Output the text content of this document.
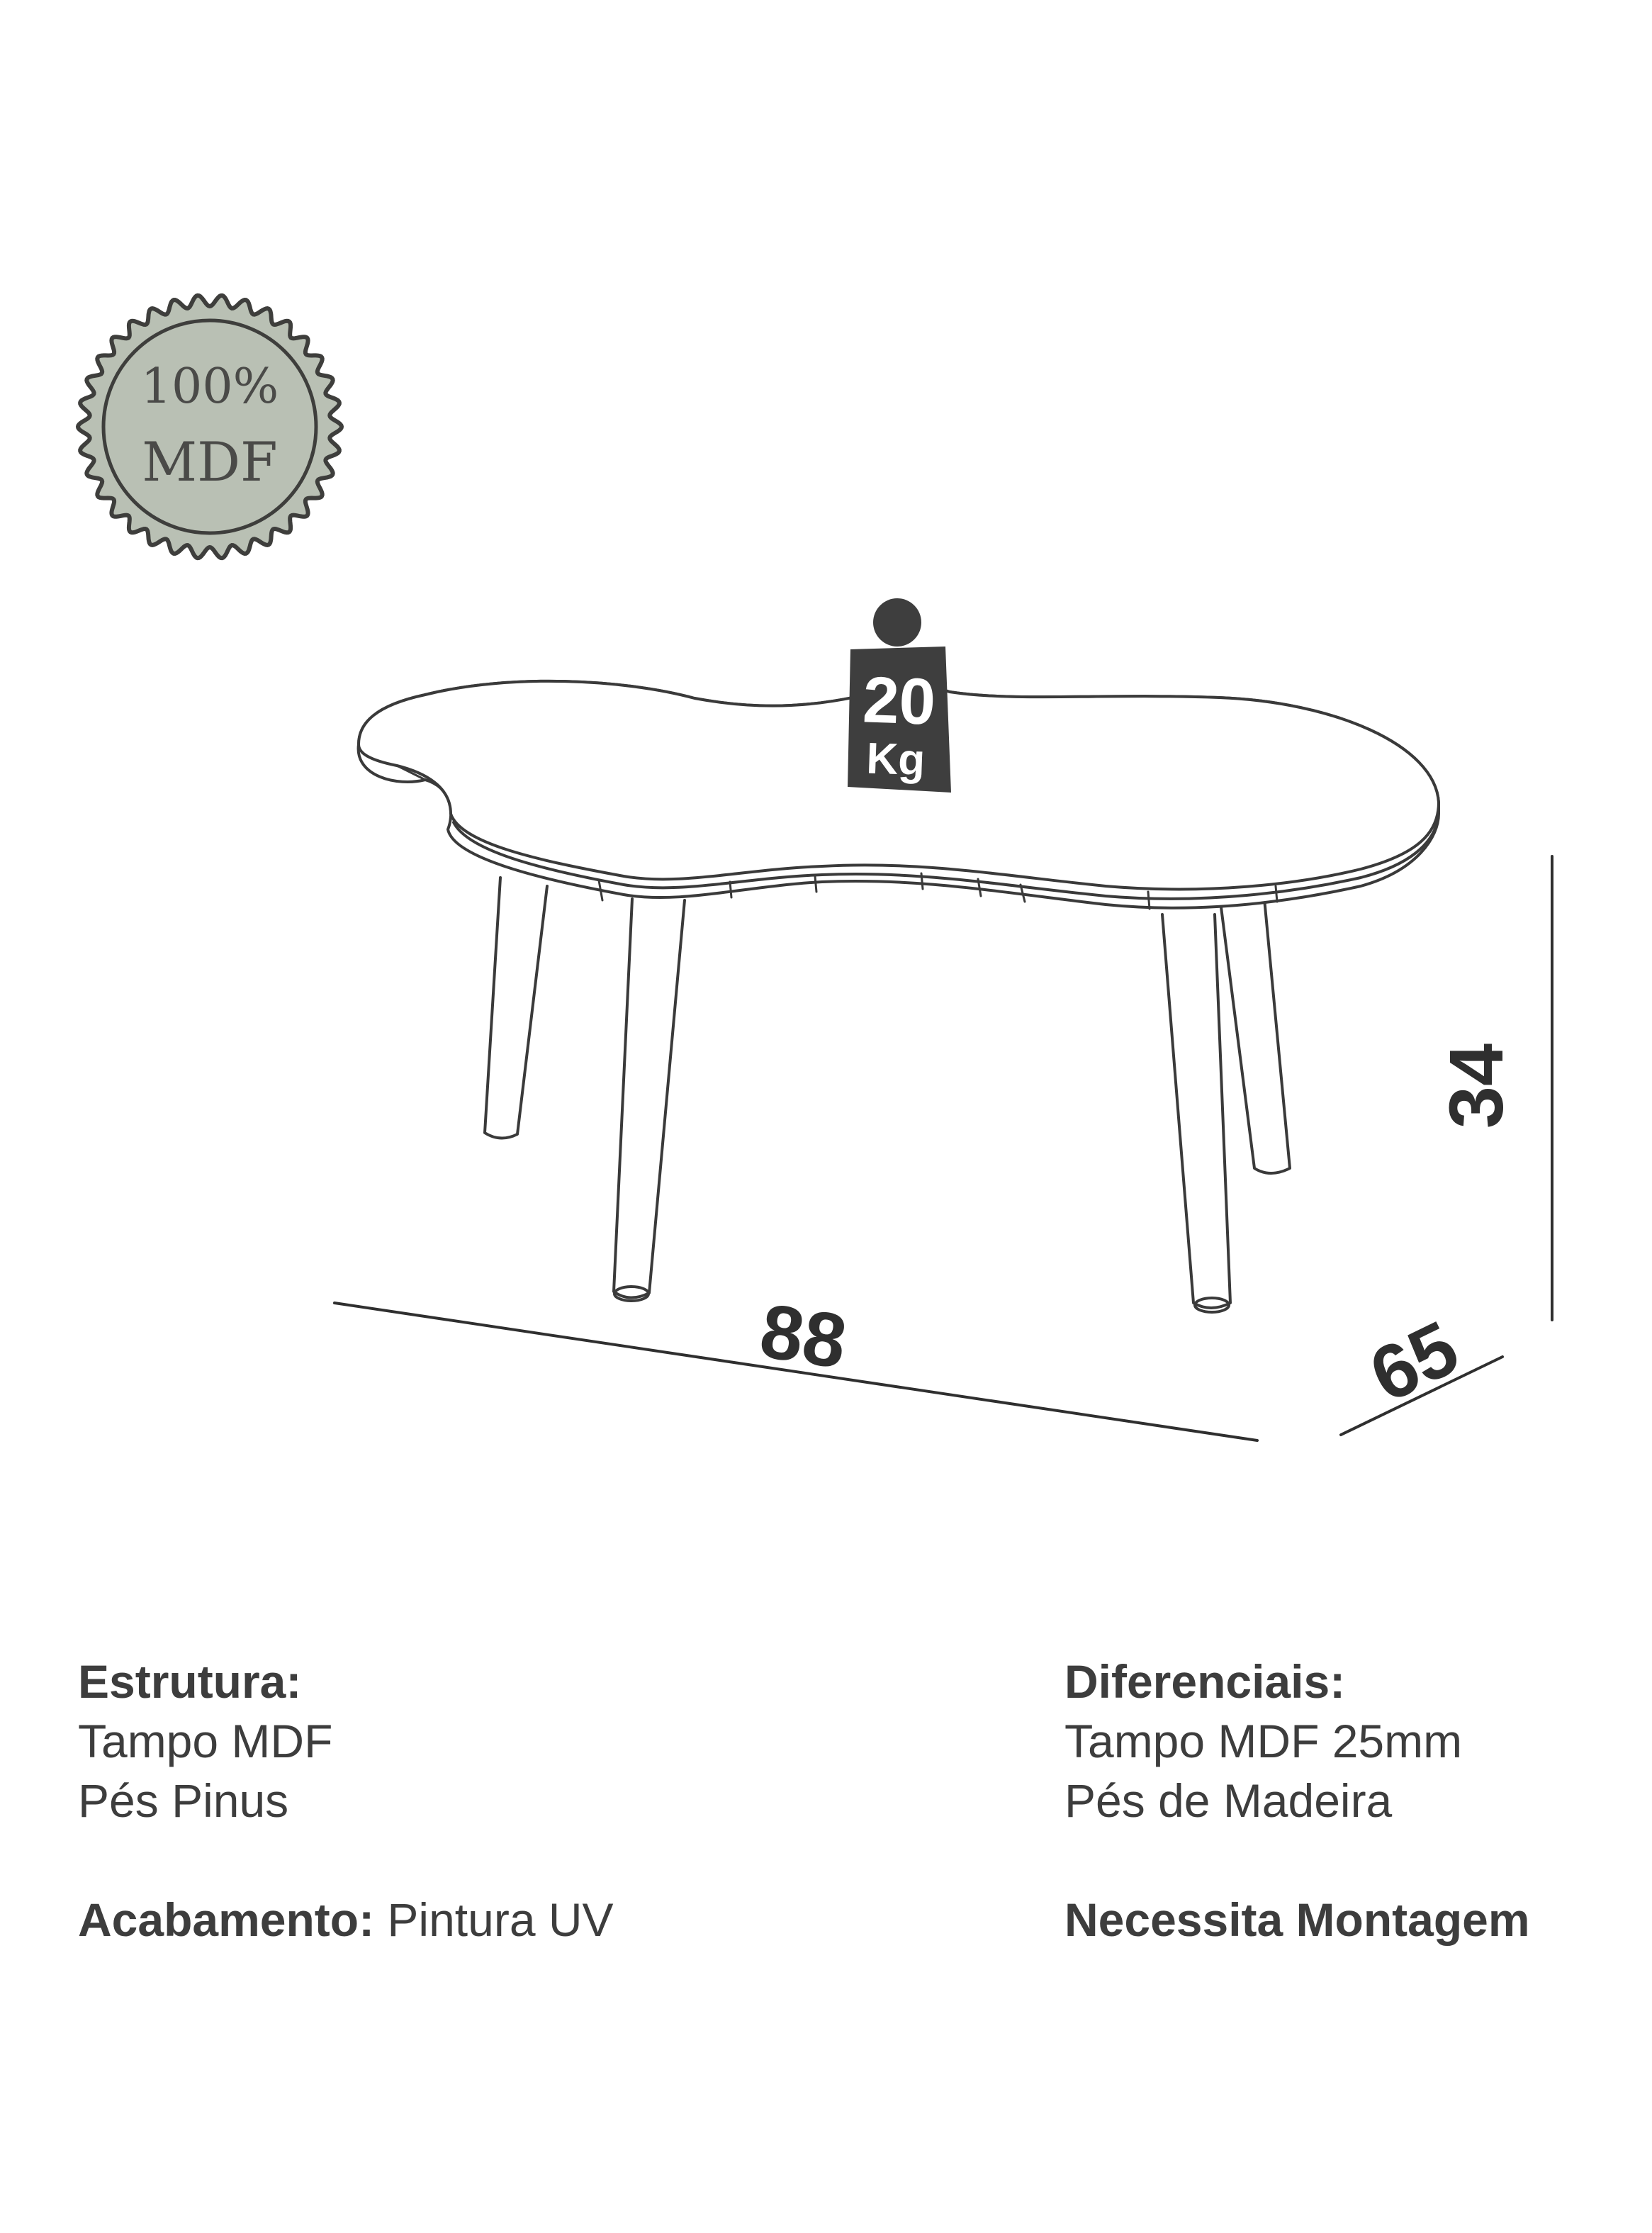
100%
MDF
20
Kg
88	65
34

Estrutura:

Tampo MDF

Pés Pinus

Acabamento: Pintura UV

Diferenciais:

Tampo MDF 25mm

Pés de Madeira

Necessita Montagem
